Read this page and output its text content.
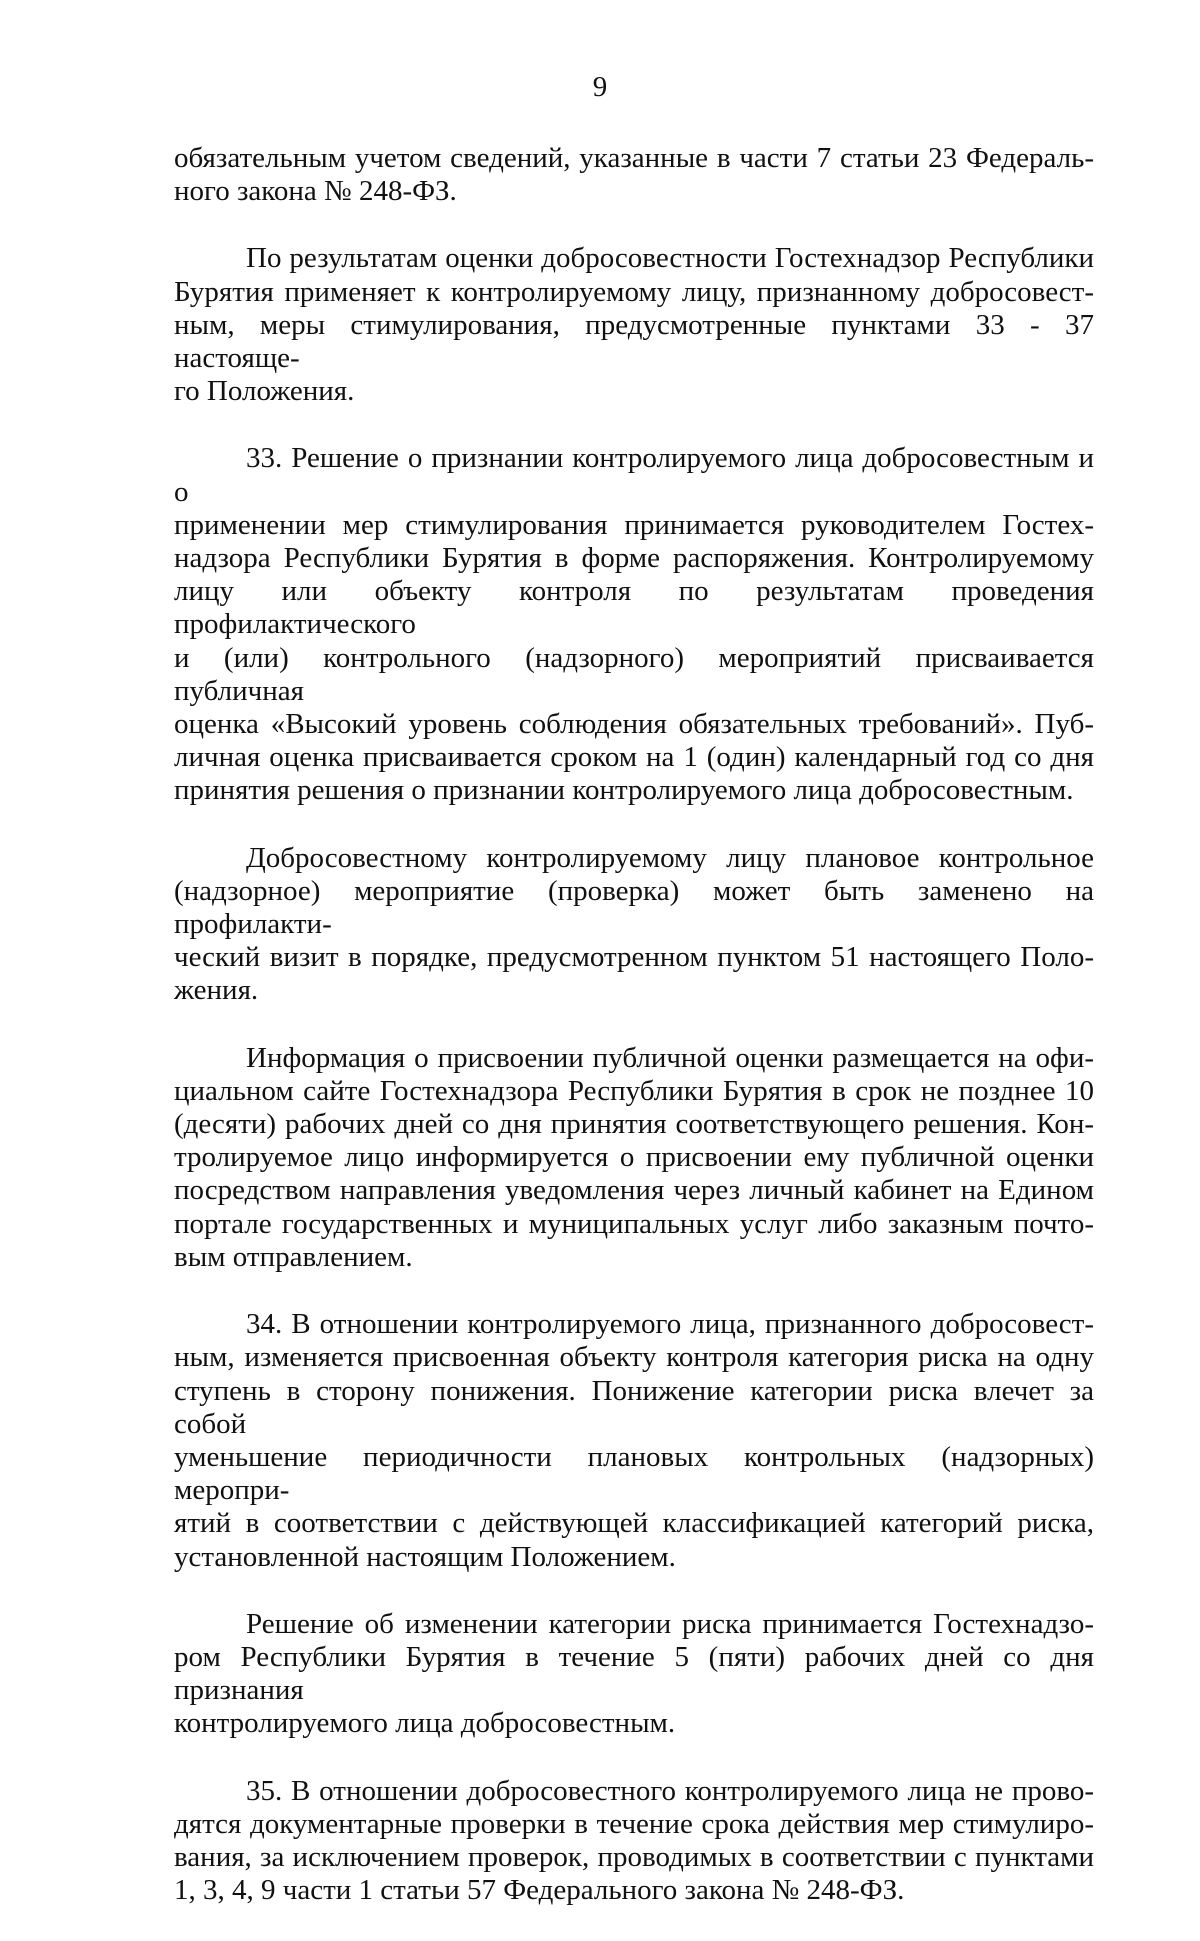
9

обязательным учетом сведений, указанные в части 7 статьи 23 Федераль-
ного закона № 248-ФЗ.

По результатам оценки добросовестности Гостехнадзор Республики
Бурятия применяет к контролируемому лицу, признанному добросовест-
ным, меры стимулирования, предусмотренные пунктами 33 - 37 настояще-
го Положения.

33. Решение о признании контролируемого лица добросовестным и о
применении мер стимулирования принимается руководителем Гостех-
надзора Республики Бурятия в форме распоряжения. Контролируемому
лицу или объекту контроля по результатам проведения профилактического
и (или) контрольного (надзорного) мероприятий присваивается публичная
оценка «Высокий уровень соблюдения обязательных требований». Пуб-
личная оценка присваивается сроком на 1 (один) календарный год со дня
принятия решения о признании контролируемого лица добросовестным.

Добросовестному контролируемому лицу плановое контрольное
(надзорное) мероприятие (проверка) может быть заменено на профилакти-
ческий визит в порядке, предусмотренном пунктом 51 настоящего Поло-
жения.

Информация о присвоении публичной оценки размещается на офи-
циальном сайте Гостехнадзора Республики Бурятия в срок не позднее 10
(десяти) рабочих дней со дня принятия соответствующего решения. Кон-
тролируемое лицо информируется о присвоении ему публичной оценки
посредством направления уведомления через личный кабинет на Едином
портале государственных и муниципальных услуг либо заказным почто-
вым отправлением.

34. В отношении контролируемого лица, признанного добросовест-
ным, изменяется присвоенная объекту контроля категория риска на одну
ступень в сторону понижения. Понижение категории риска влечет за собой
уменьшение периодичности плановых контрольных (надзорных) меропри-
ятий в соответствии с действующей классификацией категорий риска,
установленной настоящим Положением.

Решение об изменении категории риска принимается Гостехнадзо-
ром Республики Бурятия в течение 5 (пяти) рабочих дней со дня признания
контролируемого лица добросовестным.

35. В отношении добросовестного контролируемого лица не прово-
дятся документарные проверки в течение срока действия мер стимулиро-
вания, за исключением проверок, проводимых в соответствии с пунктами
1, 3, 4, 9 части 1 статьи 57 Федерального закона № 248-ФЗ.
